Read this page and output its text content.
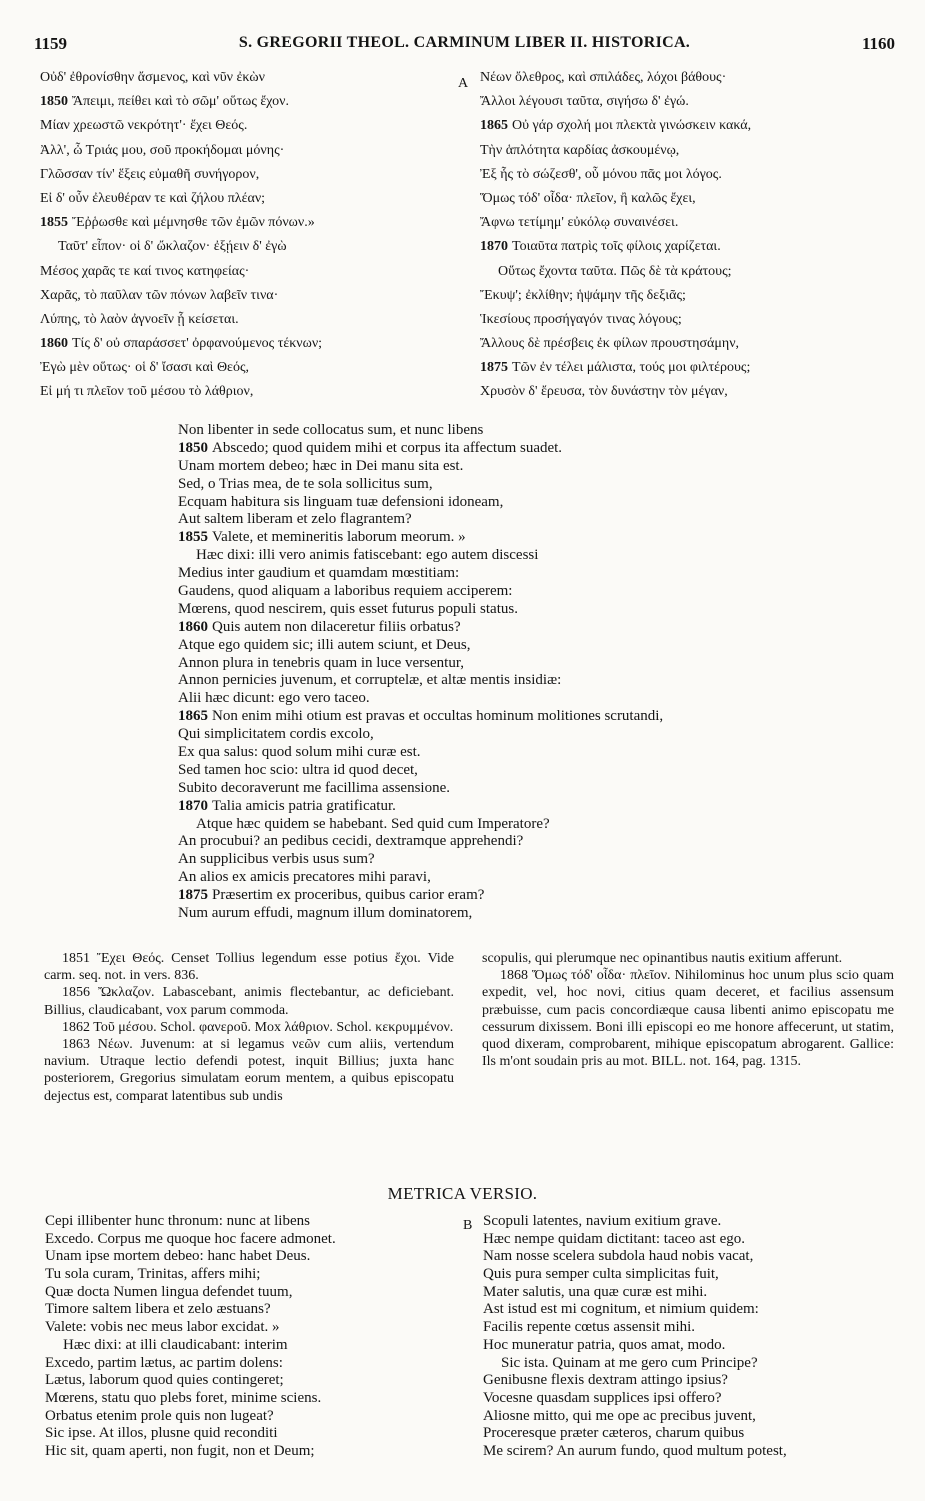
1159	S. GREGORII THEOL. CARMINUM LIBER II. HISTORICA.	1160
Οὐδ' ἐθρονίσθην ἄσμενος, καὶ νῦν ἐκὼν
1850 Ἄπειμι, πείθει καὶ τὸ σῶμ' οὕτως ἔχον.
Μίαν χρεωστῶ νεκρότητ'· ἔχει Θεός.
Ἀλλ', ὦ Τριάς μου, σοῦ προκήδομαι μόνης·
Γλῶσσαν τίν' ἕξεις εὐμαθῆ συνήγορον,
Εἰ δ' οὖν ἐλευθέραν τε καὶ ζήλου πλέαν;
1855 Ἔῤῥωσθε καὶ μέμνησθε τῶν ἐμῶν πόνων.»
Ταῦτ' εἶπον· οἱ δ' ὤκλαζον· ἐξῄειν δ' ἐγὼ
Μέσος χαρᾶς τε καί τινος κατηφείας·
Χαρᾶς, τὸ παῦλαν τῶν πόνων λαβεῖν τινα·
Λύπης, τὸ λαὸν ἀγνοεῖν ᾗ κείσεται.
1860 Τίς δ' οὐ σπαράσσετ' ὀρφανούμενος τέκνων;
Ἐγὼ μὲν οὕτως· οἱ δ' ἴσασι καὶ Θεός,
Εἰ μή τι πλεῖον τοῦ μέσου τὸ λάθριον,
Νέων ὄλεθρος, καὶ σπιλάδες, λόχοι βάθους·
Ἄλλοι λέγουσι ταῦτα, σιγήσω δ' ἐγώ.
1865 Οὐ γάρ σχολή μοι πλεκτὰ γινώσκειν κακά,
Τὴν ἁπλότητα καρδίας ἀσκουμένῳ,
Ἐξ ἧς τὸ σώζεσθ', οὗ μόνου πᾶς μοι λόγος.
Ὅμως τόδ' οἶδα· πλεῖον, ἢ καλῶς ἔχει,
Ἄφνω τετίμημ' εὐκόλῳ συναινέσει.
1870 Τοιαῦτα πατρὶς τοῖς φίλοις χαρίζεται.
Οὕτως ἔχοντα ταῦτα. Πῶς δὲ τὰ κράτους;
Ἔκυψ'; ἐκλίθην; ἡψάμην τῆς δεξιᾶς;
Ἱκεσίους προσήγαγόν τινας λόγους;
Ἄλλους δὲ πρέσβεις ἐκ φίλων προυστησάμην,
1875 Τῶν ἐν τέλει μάλιστα, τούς μοι φιλτέρους;
Χρυσὸν δ' ἔρευσα, τὸν δυνάστην τὸν μέγαν,
A
Non libenter in sede collocatus sum, et nunc libens
1850 Abscedo; quod quidem mihi et corpus ita affectum suadet.
Unam mortem debeo; hæc in Dei manu sita est.
Sed, o Trias mea, de te sola sollicitus sum,
Ecquam habitura sis linguam tuæ defensioni idoneam,
Aut saltem liberam et zelo flagrantem?
1855 Valete, et memineritis laborum meorum. »
Hæc dixi: illi vero animis fatiscebant: ego autem discessi
Medius inter gaudium et quamdam mœstitiam:
Gaudens, quod aliquam a laboribus requiem acciperem:
Mœrens, quod nescirem, quis esset futurus populi status.
1860 Quis autem non dilaceretur filiis orbatus?
Atque ego quidem sic; illi autem sciunt, et Deus,
Annon plura in tenebris quam in luce versentur,
Annon pernicies juvenum, et corruptelæ, et altæ mentis insidiæ:
Alii hæc dicunt: ego vero taceo.
1865 Non enim mihi otium est pravas et occultas hominum molitiones scrutandi,
Qui simplicitatem cordis excolo,
Ex qua salus: quod solum mihi curæ est.
Sed tamen hoc scio: ultra id quod decet,
Subito decoraverunt me facillima assensione.
1870 Talia amicis patria gratificatur.
Atque hæc quidem se habebant. Sed quid cum Imperatore?
An procubui? an pedibus cecidi, dextramque apprehendi?
An supplicibus verbis usus sum?
An alios ex amicis precatores mihi paravi,
1875 Præsertim ex proceribus, quibus carior eram?
Num aurum effudi, magnum illum dominatorem,

1851 Ἔχει Θεός. Censet Tollius legendum esse potius ἔχοι. Vide carm. seq. not. in vers. 836.

1856 Ὤκλαζον. Labascebant, animis flectebantur, ac deficiebant. Billius, claudicabant, vox parum commoda.

1862 Τοῦ μέσου. Schol. φανεροῦ. Mox λάθριον. Schol. κεκρυμμένον.

1863 Νέων. Juvenum: at si legamus νεῶν cum aliis, vertendum navium. Utraque lectio defendi potest, inquit Billius; juxta hanc posteriorem, Gregorius simulatam eorum mentem, a quibus episcopatu dejectus est, comparat latentibus sub undis

scopulis, qui plerumque nec opinantibus nautis exitium afferunt.

1868 Ὅμως τόδ' οἶδα· πλεῖον. Nihilominus hoc unum plus scio quam expedit, vel, hoc novi, citius quam deceret, et facilius assensum præbuisse, cum pacis concordiæque causa libenti animo episcopatu me cessurum dixissem. Boni illi episcopi eo me honore affecerunt, ut statim, quod dixeram, comprobarent, mihique episcopatum abrogarent. Gallice: Ils m'ont soudain pris au mot. BILL. not. 164, pag. 1315.

METRICA VERSIO.
B
Cepi illibenter hunc thronum: nunc at libens
Excedo. Corpus me quoque hoc facere admonet.
Unam ipse mortem debeo: hanc habet Deus.
Tu sola curam, Trinitas, affers mihi;
Quæ docta Numen lingua defendet tuum,
Timore saltem libera et zelo æstuans?
Valete: vobis nec meus labor excidat. »
Hæc dixi: at illi claudicabant: interim
Excedo, partim lætus, ac partim dolens:
Lætus, laborum quod quies contingeret;
Mœrens, statu quo plebs foret, minime sciens.
Orbatus etenim prole quis non lugeat?
Sic ipse. At illos, plusne quid reconditi
Hic sit, quam aperti, non fugit, non et Deum;
Scopuli latentes, navium exitium grave.
Hæc nempe quidam dictitant: taceo ast ego.
Nam nosse scelera subdola haud nobis vacat,
Quis pura semper culta simplicitas fuit,
Mater salutis, una quæ curæ est mihi.
Ast istud est mi cognitum, et nimium quidem:
Facilis repente cœtus assensit mihi.
Hoc muneratur patria, quos amat, modo.
Sic ista. Quinam at me gero cum Principe?
Genibusne flexis dextram attingo ipsius?
Vocesne quasdam supplices ipsi offero?
Aliosne mitto, qui me ope ac precibus juvent,
Proceresque præter cæteros, charum quibus
Me scirem? An aurum fundo, quod multum potest,
